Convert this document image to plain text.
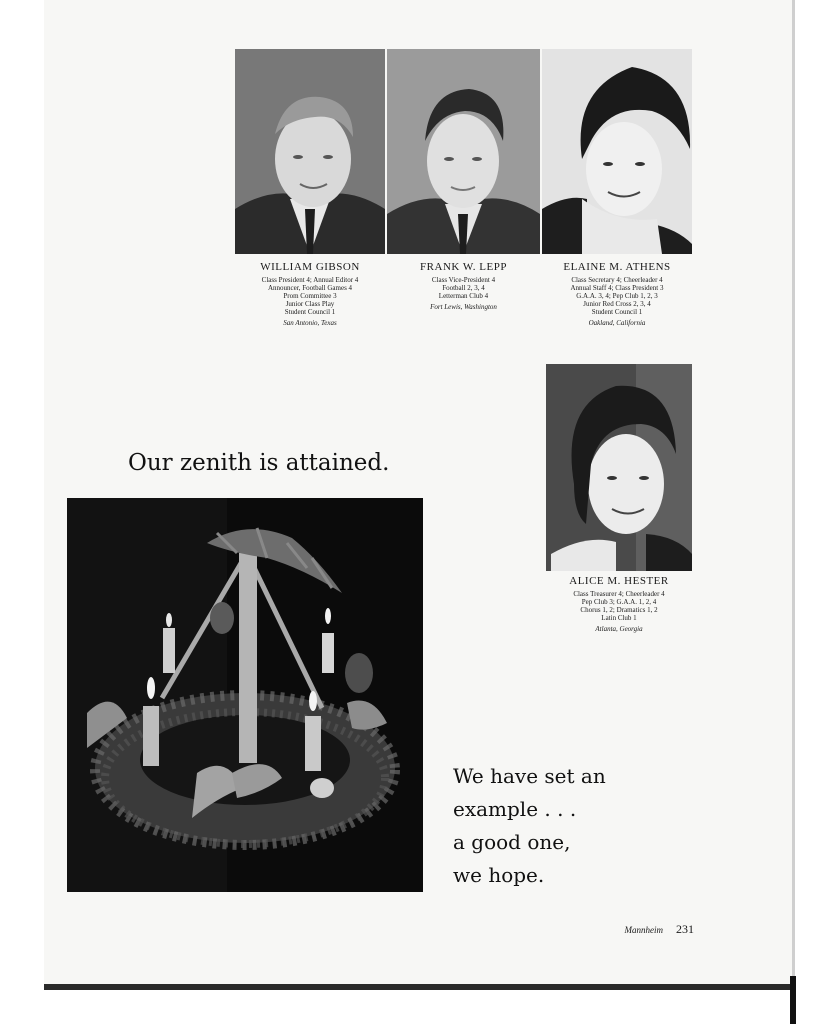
WILLIAM GIBSON
Class President 4; Annual Editor 4
Announcer, Football Games 4
Prom Committee 3
Junior Class Play
Student Council 1
San Antonio, Texas
FRANK W. LEPP
Class Vice-President 4
Football 2, 3, 4
Letterman Club 4
Fort Lewis, Washington
ELAINE M. ATHENS
Class Secretary 4; Cheerleader 4
Annual Staff 4; Class President 3
G.A.A. 3, 4; Pep Club 1, 2, 3
Junior Red Cross 2, 3, 4
Student Council 1
Oakland, California
ALICE M. HESTER
Class Treasurer 4; Cheerleader 4
Pep Club 3; G.A.A. 1, 2, 4
Chorus 1, 2; Dramatics 1, 2
Latin Club 1
Atlanta, Georgia
Our zenith is attained.
We have set an
example . . .
a good one,
we hope.
Mannheim 231
